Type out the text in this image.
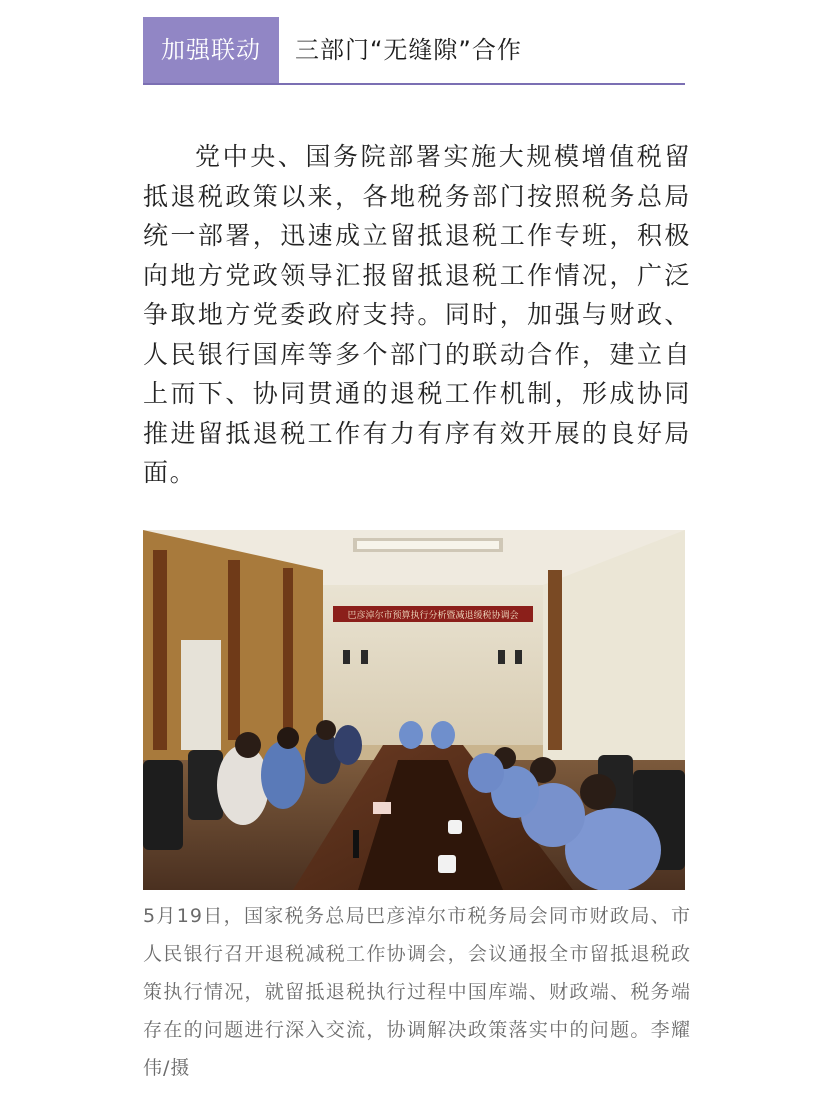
加强联动	三部门“无缝隙”合作

党中央、国务院部署实施大规模增值税留抵退税政策以来，各地税务部门按照税务总局统一部署，迅速成立留抵退税工作专班，积极向地方党政领导汇报留抵退税工作情况，广泛争取地方党委政府支持。同时，加强与财政、人民银行国库等多个部门的联动合作，建立自上而下、协同贯通的退税工作机制，形成协同推进留抵退税工作有力有序有效开展的良好局面。

巴彦淖尔市预算执行分析暨减退缓税协调会

5月19日，国家税务总局巴彦淖尔市税务局会同市财政局、市人民银行召开退税减税工作协调会，会议通报全市留抵退税政策执行情况，就留抵退税执行过程中国库端、财政端、税务端存在的问题进行深入交流，协调解决政策落实中的问题。李耀伟/摄
